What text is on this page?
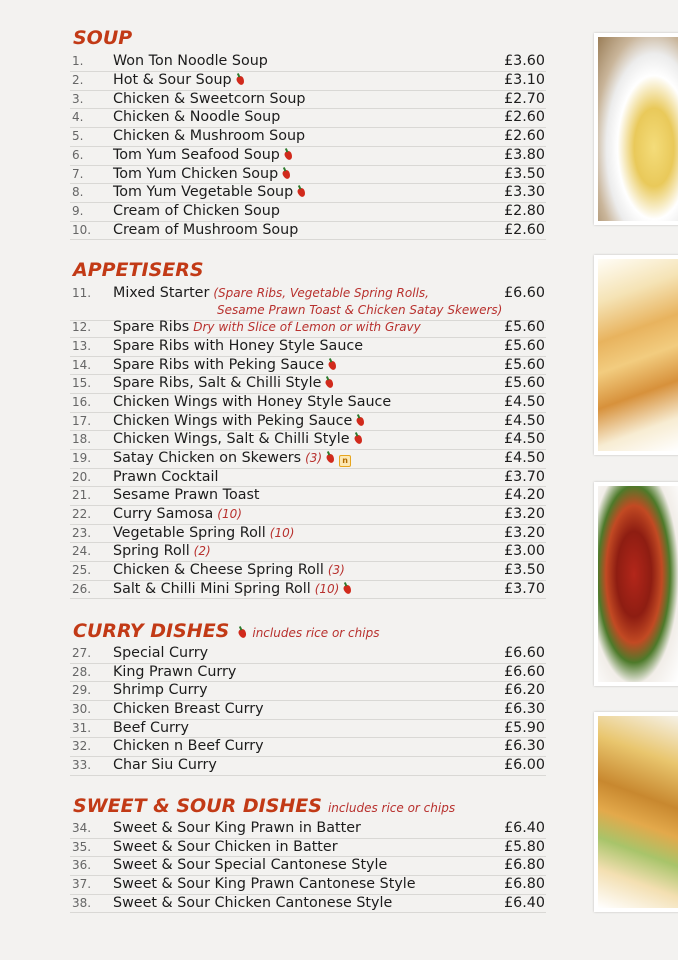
SOUP
1.	Won Ton Noodle Soup	£3.60
2.	Hot & Sour Soup	£3.10
3.	Chicken & Sweetcorn Soup	£2.70
4.	Chicken & Noodle Soup	£2.60
5.	Chicken & Mushroom Soup	£2.60
6.	Tom Yum Seafood Soup	£3.80
7.	Tom Yum Chicken Soup	£3.50
8.	Tom Yum Vegetable Soup	£3.30
9.	Cream of Chicken Soup	£2.80
10.	Cream of Mushroom Soup	£2.60
APPETISERS
11.	Mixed Starter (Spare Ribs, Vegetable Spring Rolls,
Sesame Prawn Toast & Chicken Satay Skewers)
£6.60
12.	Spare Ribs Dry with Slice of Lemon or with Gravy	£5.60
13.	Spare Ribs with Honey Style Sauce	£5.60
14.	Spare Ribs with Peking Sauce	£5.60
15.	Spare Ribs, Salt & Chilli Style	£5.60
16.	Chicken Wings with Honey Style Sauce	£4.50
17.	Chicken Wings with Peking Sauce	£4.50
18.	Chicken Wings, Salt & Chilli Style	£4.50
19.	Satay Chicken on Skewers (3)	n	£4.50
20.	Prawn Cocktail	£3.70
21.	Sesame Prawn Toast	£4.20
22.	Curry Samosa (10)	£3.20
23.	Vegetable Spring Roll (10)	£3.20
24.	Spring Roll (2)	£3.00
25.	Chicken & Cheese Spring Roll (3)	£3.50
26.	Salt & Chilli Mini Spring Roll (10)	£3.70
CURRY DISHES includes rice or chips
27.	Special Curry	£6.60
28.	King Prawn Curry	£6.60
29.	Shrimp Curry	£6.20
30.	Chicken Breast Curry	£6.30
31.	Beef Curry	£5.90
32.	Chicken n Beef Curry	£6.30
33.	Char Siu Curry	£6.00
SWEET & SOUR DISHES includes rice or chips
34.	Sweet & Sour King Prawn in Batter	£6.40
35.	Sweet & Sour Chicken in Batter	£5.80
36.	Sweet & Sour Special Cantonese Style	£6.80
37.	Sweet & Sour King Prawn Cantonese Style	£6.80
38.	Sweet & Sour Chicken Cantonese Style	£6.40
